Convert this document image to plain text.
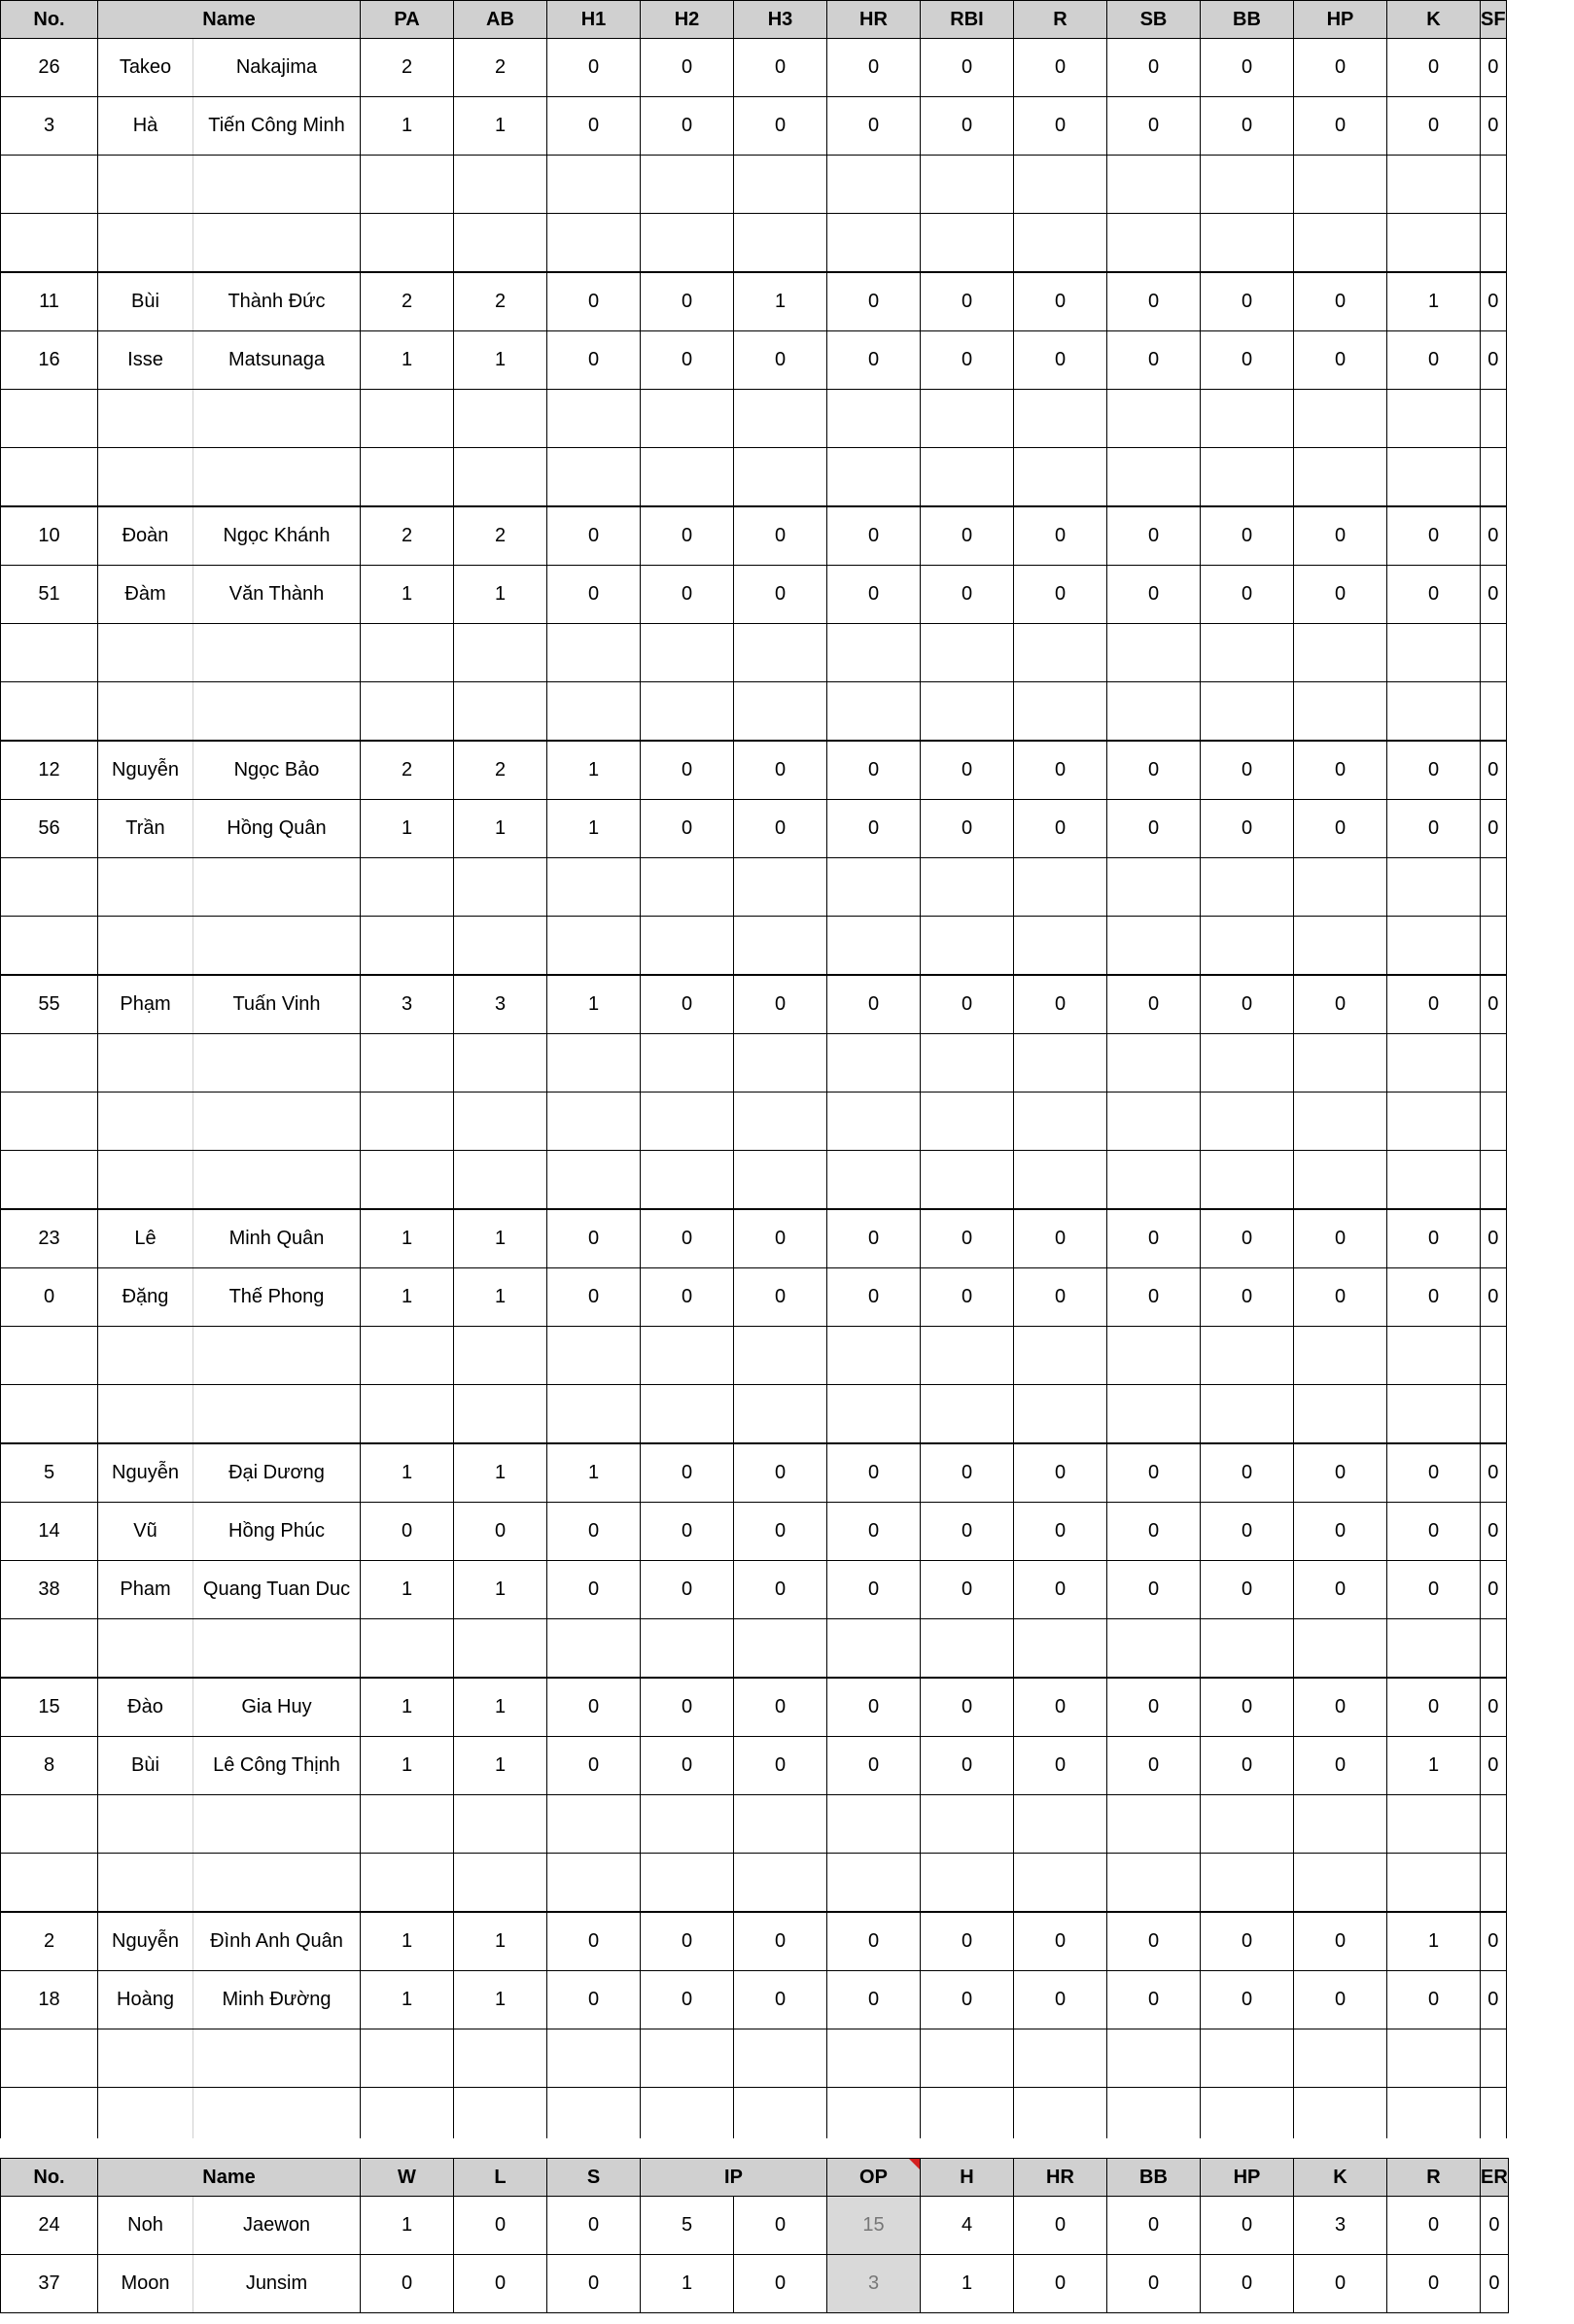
No.	Name		PA	AB	H1	H2	H3	HR	RBI	R	SB	BB	HP	K	SF
26	Takeo	Nakajima	2	2	0	0	0	0	0	0	0	0	0	0	0
3	Hà	Tiến Công Minh	1	1	0	0	0	0	0	0	0	0	0	0	0

11	Bùi	Thành Đức	2	2	0	0	1	0	0	0	0	0	0	1	0
16	Isse	Matsunaga	1	1	0	0	0	0	0	0	0	0	0	0	0

10	Đoàn	Ngọc Khánh	2	2	0	0	0	0	0	0	0	0	0	0	0
51	Đàm	Văn Thành	1	1	0	0	0	0	0	0	0	0	0	0	0

12	Nguyễn	Ngọc Bảo	2	2	1	0	0	0	0	0	0	0	0	0	0
56	Trần	Hồng Quân	1	1	1	0	0	0	0	0	0	0	0	0	0

55	Phạm	Tuấn Vinh	3	3	1	0	0	0	0	0	0	0	0	0	0

23	Lê	Minh Quân	1	1	0	0	0	0	0	0	0	0	0	0	0
0	Đặng	Thế Phong	1	1	0	0	0	0	0	0	0	0	0	0	0

5	Nguyễn	Đại Dương	1	1	1	0	0	0	0	0	0	0	0	0	0
14	Vũ	Hồng Phúc	0	0	0	0	0	0	0	0	0	0	0	0	0
38	Pham	Quang Tuan Duc	1	1	0	0	0	0	0	0	0	0	0	0	0

15	Đào	Gia Huy	1	1	0	0	0	0	0	0	0	0	0	0	0
8	Bùi	Lê Công Thịnh	1	1	0	0	0	0	0	0	0	0	0	1	0

2	Nguyễn	Đình Anh Quân	1	1	0	0	0	0	0	0	0	0	0	1	0
18	Hoàng	Minh Đường	1	1	0	0	0	0	0	0	0	0	0	0	0

No.	Name		W	L	S	IP		OP	H	HR	BB	HP	K	R	ER
24	Noh	Jaewon	1	0	0	5	0	15	4	0	0	0	3	0	0
37	Moon	Junsim	0	0	0	1	0	3	1	0	0	0	0	0	0
